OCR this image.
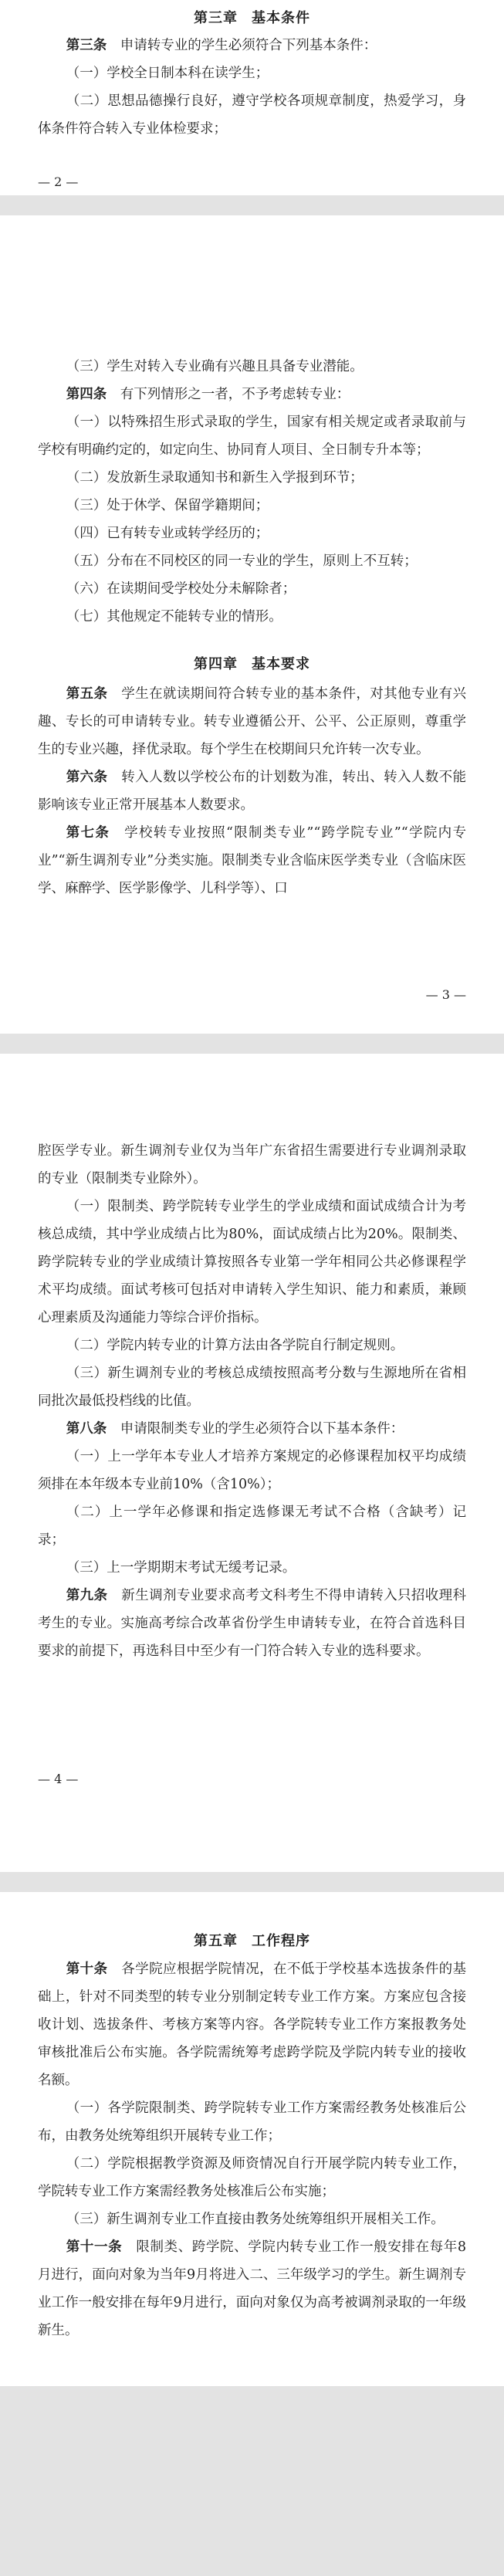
第三章 基本条件

第三条　 申请转专业的学生必须符合下列基本条件：

（一）学校全日制本科在读学生；

（二）思想品德操行良好，遵守学校各项规章制度，热爱学习，身体条件符合转入专业体检要求；

— 2 —

（三）学生对转入专业确有兴趣且具备专业潜能。

第四条　 有下列情形之一者，不予考虑转专业：

（一）以特殊招生形式录取的学生，国家有相关规定或者录取前与学校有明确约定的，如定向生、协同育人项目、全日制专升本等；

（二）发放新生录取通知书和新生入学报到环节；

（三）处于休学、保留学籍期间；

（四）已有转专业或转学经历的；

（五）分布在不同校区的同一专业的学生，原则上不互转；

（六）在读期间受学校处分未解除者；

（七）其他规定不能转专业的情形。

第四章 基本要求

第五条　 学生在就读期间符合转专业的基本条件，对其他专业有兴趣、专长的可申请转专业。转专业遵循公开、公平、公正原则，尊重学生的专业兴趣，择优录取。每个学生在校期间只允许转一次专业。

第六条　 转入人数以学校公布的计划数为准，转出、转入人数不能影响该专业正常开展基本人数要求。

第七条　 学校转专业按照“限制类专业”“跨学院专业”“学院内专业”“新生调剂专业”分类实施。限制类专业含临床医学类专业（含临床医学、麻醉学、医学影像学、儿科学等）、口

— 3 —

腔医学专业。新生调剂专业仅为当年广东省招生需要进行专业调剂录取的专业（限制类专业除外）。

（一）限制类、跨学院转专业学生的学业成绩和面试成绩合计为考核总成绩，其中学业成绩占比为80%，面试成绩占比为20%。限制类、跨学院转专业的学业成绩计算按照各专业第一学年相同公共必修课程学术平均成绩。面试考核可包括对申请转入学生知识、能力和素质，兼顾心理素质及沟通能力等综合评价指标。

（二）学院内转专业的计算方法由各学院自行制定规则。

（三）新生调剂专业的考核总成绩按照高考分数与生源地所在省相同批次最低投档线的比值。

第八条　 申请限制类专业的学生必须符合以下基本条件：

（一）上一学年本专业人才培养方案规定的必修课程加权平均成绩须排在本年级本专业前10%（含10%）；

（二）上一学年必修课和指定选修课无考试不合格（含缺考）记录；

（三）上一学期期末考试无缓考记录。

第九条　 新生调剂专业要求高考文科考生不得申请转入只招收理科考生的专业。实施高考综合改革省份学生申请转专业，在符合首选科目要求的前提下，再选科目中至少有一门符合转入专业的选科要求。

— 4 —
第五章 工作程序

第十条　 各学院应根据学院情况，在不低于学校基本选拔条件的基础上，针对不同类型的转专业分别制定转专业工作方案。方案应包含接收计划、选拔条件、考核方案等内容。各学院转专业工作方案报教务处审核批准后公布实施。各学院需统筹考虑跨学院及学院内转专业的接收名额。

（一）各学院限制类、跨学院转专业工作方案需经教务处核准后公布，由教务处统筹组织开展转专业工作；

（二）学院根据教学资源及师资情况自行开展学院内转专业工作，学院转专业工作方案需经教务处核准后公布实施；

（三）新生调剂专业工作直接由教务处统筹组织开展相关工作。

第十一条　 限制类、跨学院、学院内转专业工作一般安排在每年8月进行，面向对象为当年9月将进入二、三年级学习的学生。新生调剂专业工作一般安排在每年9月进行，面向对象仅为高考被调剂录取的一年级新生。
